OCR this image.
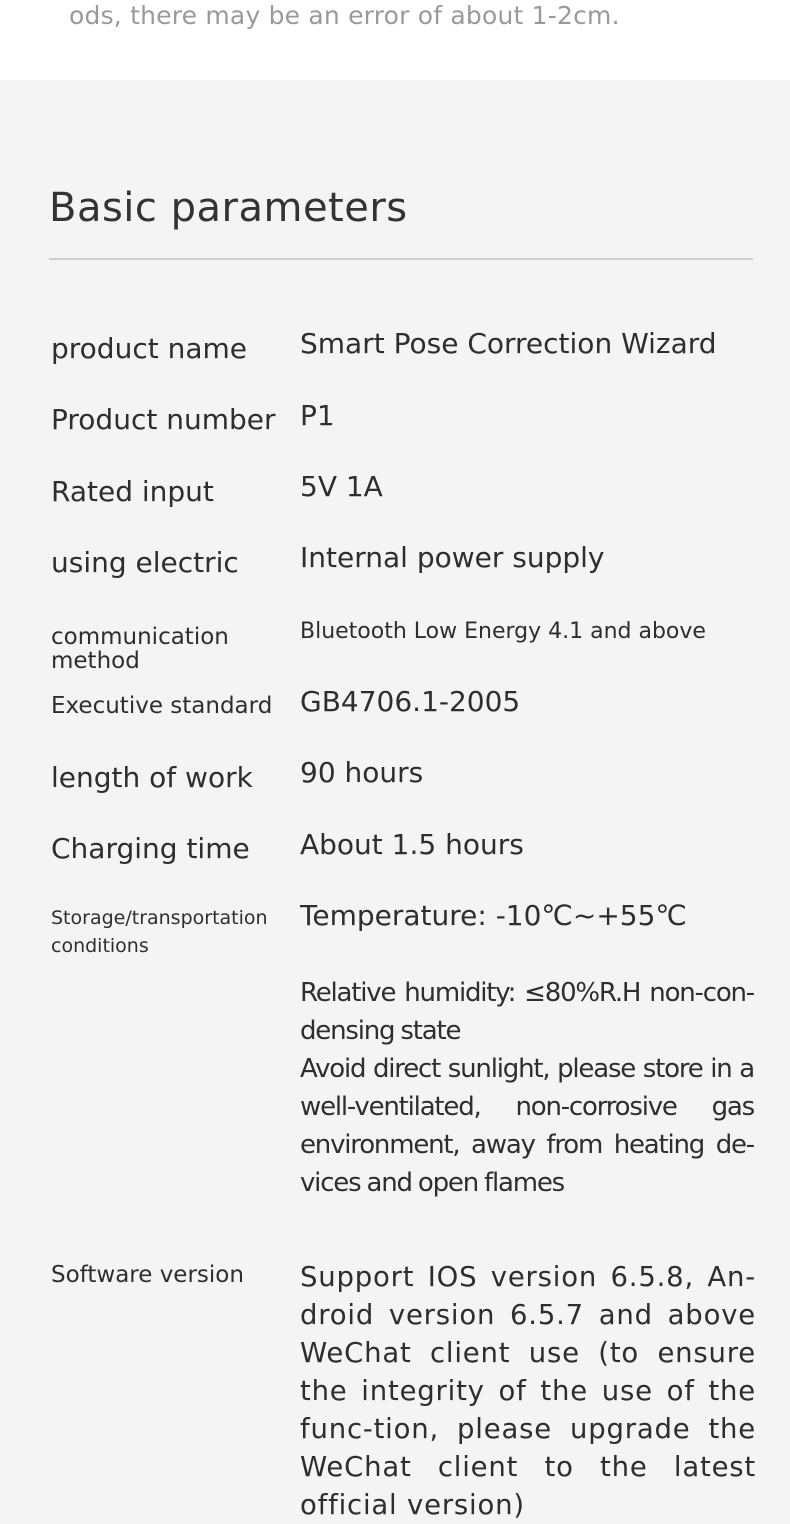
ods, there may be an error of about 1-2cm.
Basic parameters
product name Smart Pose Correction Wizard
Product number P1
Rated input	5V 1A
using electric Internal power supply
communication
method
Bluetooth Low Energy 4.1 and above
Executive standard GB4706.1-2005
length of work 90 hours
Charging time About 1.5 hours
Storage/transportation
conditions
Temperature: -10℃~+55℃

Relative humidity: ≤80%R.H non-con-densing state

Avoid direct sunlight, please store in a well-ventilated, non-corrosive gas environment, away from heating de-vices and open flames

Software version Support IOS version 6.5.8, An-droid version 6.5.7 and above WeChat client use (to ensure the integrity of the use of the func-tion, please upgrade the WeChat client to the latest official version)
